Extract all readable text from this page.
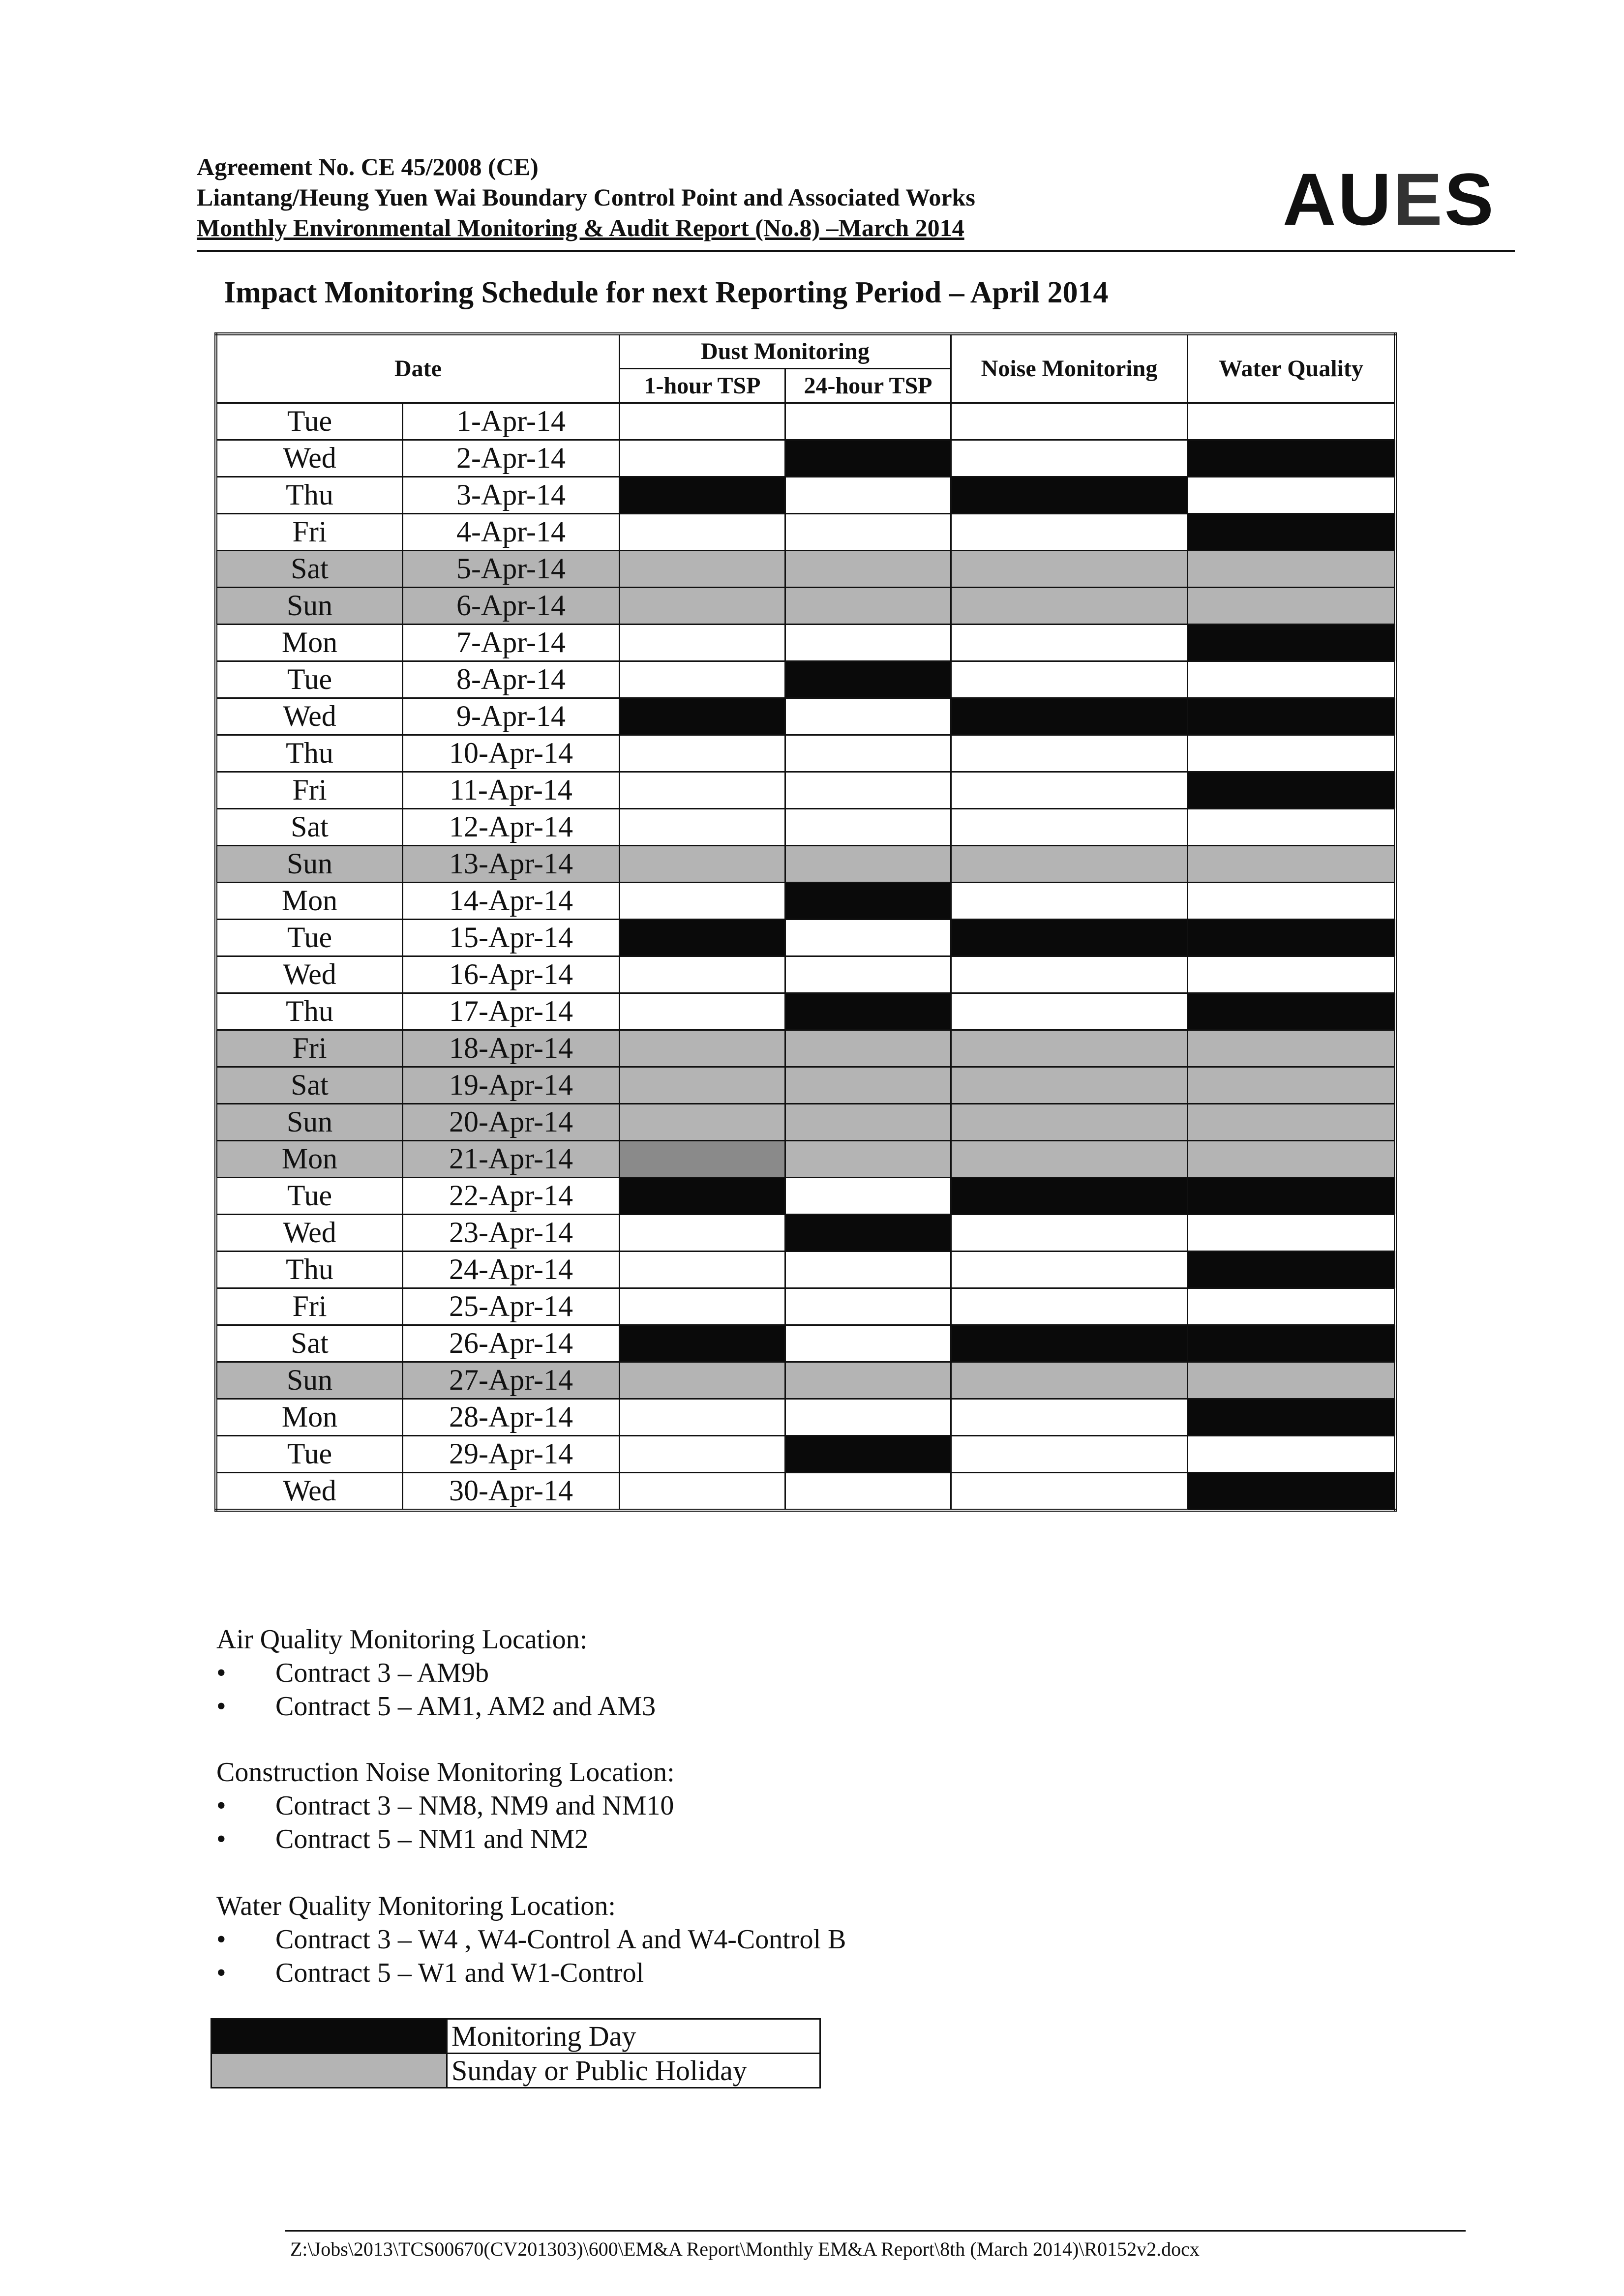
Agreement No. CE 45/2008 (CE)
Liantang/Heung Yuen Wai Boundary Control Point and Associated Works
Monthly Environmental Monitoring & Audit Report (No.8) –March 2014	AUES
Impact Monitoring Schedule for next Reporting Period – April 2014
Date		Dust Monitoring		Noise Monitoring	Water Quality
		1-hour TSP	24-hour TSP		
Tue	1-Apr-14				
Wed	2-Apr-14				
Thu	3-Apr-14				
Fri	4-Apr-14				
Sat	5-Apr-14				
Sun	6-Apr-14				
Mon	7-Apr-14				
Tue	8-Apr-14				
Wed	9-Apr-14				
Thu	10-Apr-14				
Fri	11-Apr-14				
Sat	12-Apr-14				
Sun	13-Apr-14				
Mon	14-Apr-14				
Tue	15-Apr-14				
Wed	16-Apr-14				
Thu	17-Apr-14				
Fri	18-Apr-14				
Sat	19-Apr-14				
Sun	20-Apr-14				
Mon	21-Apr-14				
Tue	22-Apr-14				
Wed	23-Apr-14				
Thu	24-Apr-14				
Fri	25-Apr-14				
Sat	26-Apr-14				
Sun	27-Apr-14				
Mon	28-Apr-14				
Tue	29-Apr-14				
Wed	30-Apr-14				
Air Quality Monitoring Location:
• Contract 3 – AM9b
• Contract 5 – AM1, AM2 and AM3
Construction Noise Monitoring Location:
• Contract 3 – NM8, NM9 and NM10
• Contract 5 – NM1 and NM2
Water Quality Monitoring Location:
• Contract 3 – W4 , W4-Control A and W4-Control B
• Contract 5 – W1 and W1-Control
	Monitoring Day
	Sunday or Public Holiday
Z:\Jobs\2013\TCS00670(CV201303)\600\EM&A Report\Monthly EM&A Report\8th (March 2014)\R0152v2.docx
